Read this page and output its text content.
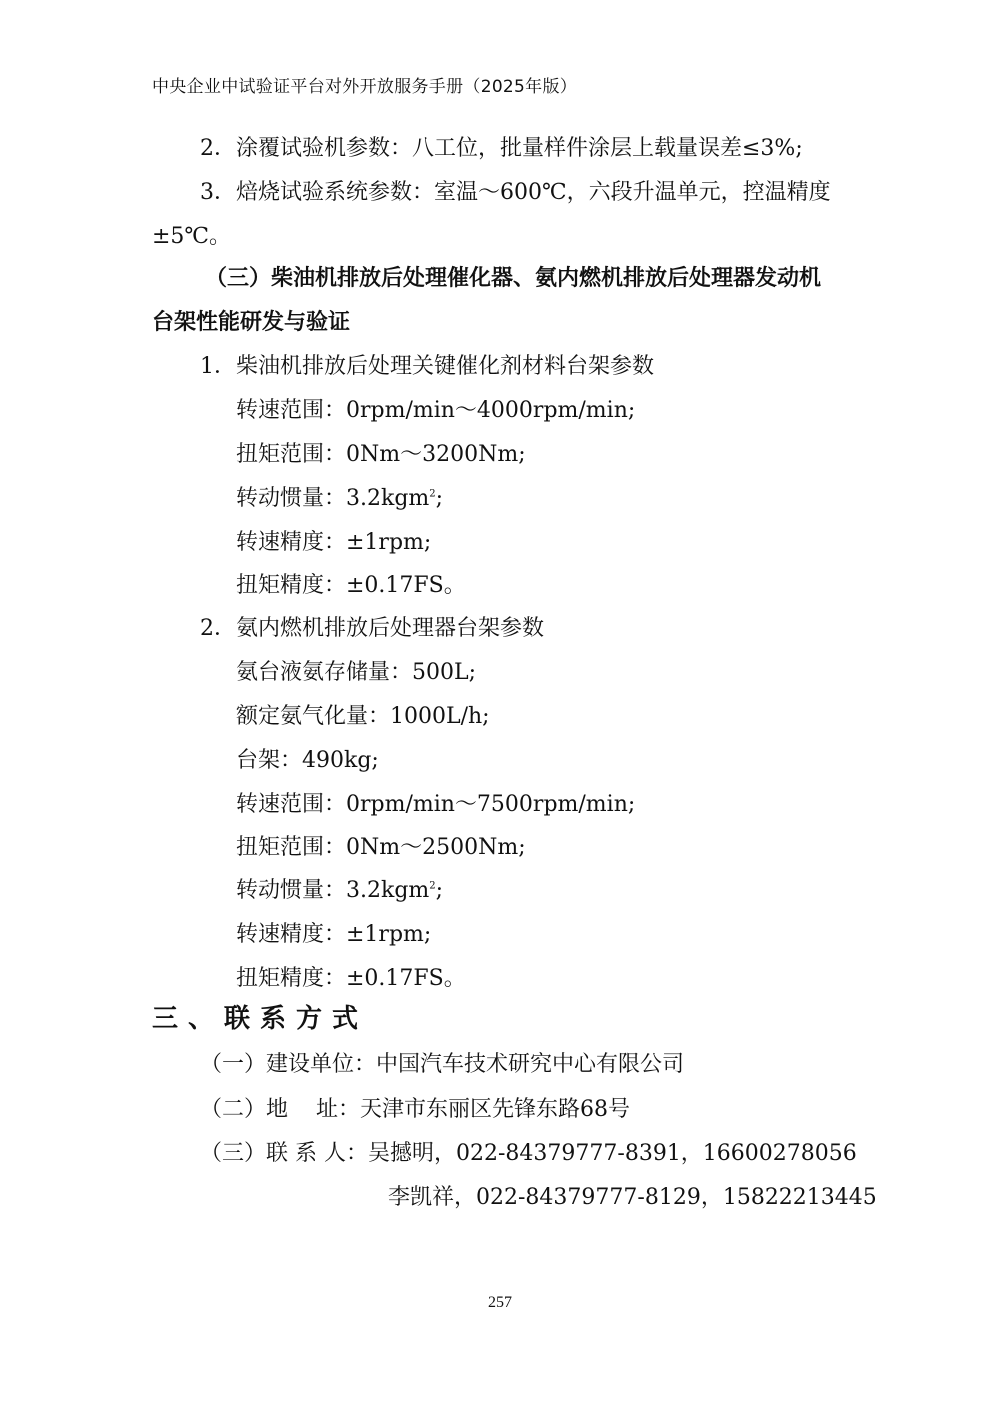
中央企业中试验证平台对外开放服务手册（2025年版）
2．涂覆试验机参数：八工位，批量样件涂层上载量误差≤3%;
3．焙烧试验系统参数：室温～600℃，六段升温单元，控温精度
±5℃。
（三）柴油机排放后处理催化器、氨内燃机排放后处理器发动机
台架性能研发与验证
1．柴油机排放后处理关键催化剂材料台架参数
转速范围：0rpm/min～4000rpm/min;
扭矩范围：0Nm～3200Nm;
转动惯量：3.2kgm$^2$;
转速精度：±1rpm;
扭矩精度：±0.17FS。
2．氨内燃机排放后处理器台架参数
氨台液氨存储量：500L;
额定氨气化量：1000L/h;
台架：490kg;
转速范围：0rpm/min～7500rpm/min;
扭矩范围：0Nm～2500Nm;
转动惯量：3.2kgm$^2$;
转速精度：±1rpm;
扭矩精度：±0.17FS。
三、联系方式
（一）建设单位：中国汽车技术研究中心有限公司
（二）地    址：天津市东丽区先锋东路68号
（三）联 系 人：吴撼明，022-84379777-8391，16600278056
李凯祥，022-84379777-8129，15822213445
257
